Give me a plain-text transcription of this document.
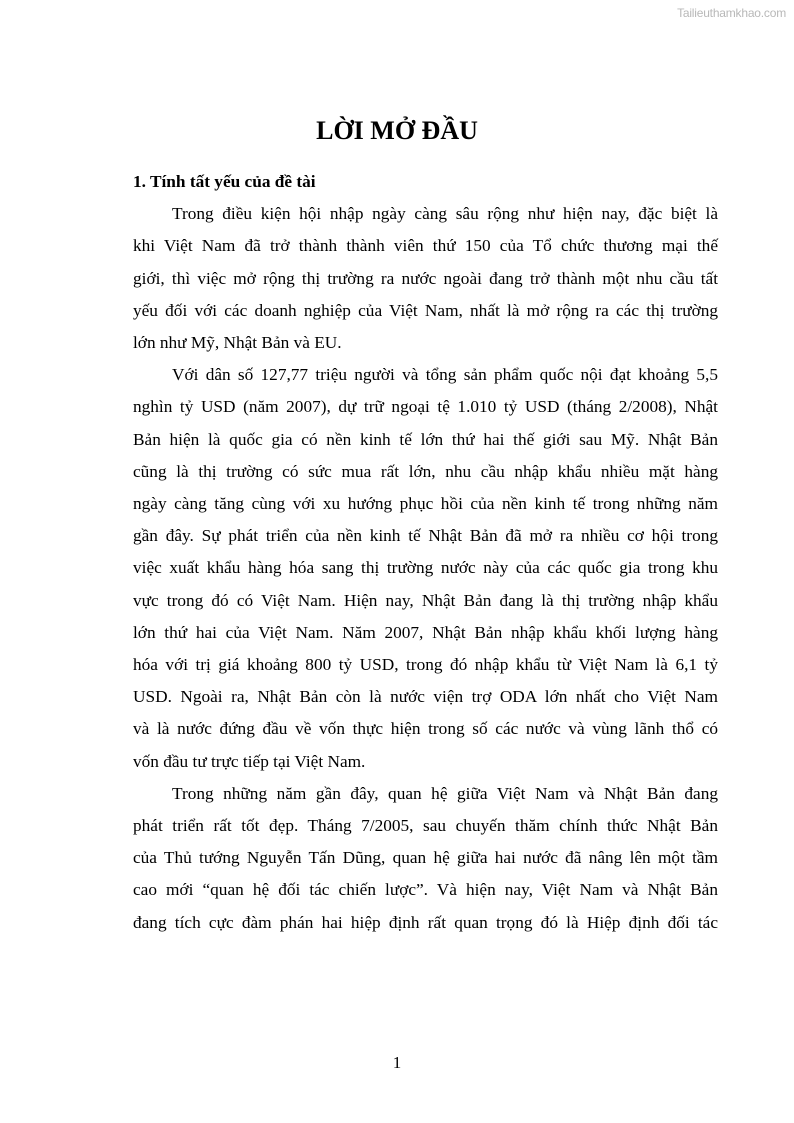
Tailieuthamkhao.com
LỜI MỞ ĐẦU
1. Tính tất yếu của đề tài
Trong điều kiện hội nhập ngày càng sâu rộng như hiện nay, đặc biệt là
khi Việt Nam đã trở thành thành viên thứ 150 của Tổ chức thương mại thế
giới, thì việc mở rộng thị trường ra nước ngoài đang trở thành một nhu cầu tất
yếu đối với các doanh nghiệp của Việt Nam, nhất là mở rộng ra các thị trường
lớn như Mỹ, Nhật Bản và EU.
Với dân số 127,77 triệu người và tổng sản phẩm quốc nội đạt khoảng 5,5
nghìn tỷ USD (năm 2007), dự trữ ngoại tệ 1.010 tỷ USD (tháng 2/2008), Nhật
Bản hiện là quốc gia có nền kinh tế lớn thứ hai thế giới sau Mỹ. Nhật Bản
cũng là thị trường có sức mua rất lớn, nhu cầu nhập khẩu nhiều mặt hàng
ngày càng tăng cùng với xu hướng phục hồi của nền kinh tế trong những năm
gần đây. Sự phát triển của nền kinh tế Nhật Bản đã mở ra nhiều cơ hội trong
việc xuất khẩu hàng hóa sang thị trường nước này của các quốc gia trong khu
vực trong đó có Việt Nam. Hiện nay, Nhật Bản đang là thị trường nhập khẩu
lớn thứ hai của Việt Nam. Năm 2007, Nhật Bản nhập khẩu khối lượng hàng
hóa với trị giá khoảng 800 tỷ USD, trong đó nhập khẩu từ Việt Nam là 6,1 tỷ
USD. Ngoài ra, Nhật Bản còn là nước viện trợ ODA lớn nhất cho Việt Nam
và là nước đứng đầu về vốn thực hiện trong số các nước và vùng lãnh thổ có
vốn đầu tư trực tiếp tại Việt Nam.
Trong những năm gần đây, quan hệ giữa Việt Nam và Nhật Bản đang
phát triển rất tốt đẹp. Tháng 7/2005, sau chuyến thăm chính thức Nhật Bản
của Thủ tướng Nguyễn Tấn Dũng, quan hệ giữa hai nước đã nâng lên một tầm
cao mới “quan hệ đối tác chiến lược”. Và hiện nay, Việt Nam và Nhật Bản
đang tích cực đàm phán hai hiệp định rất quan trọng đó là Hiệp định đối tác
1
